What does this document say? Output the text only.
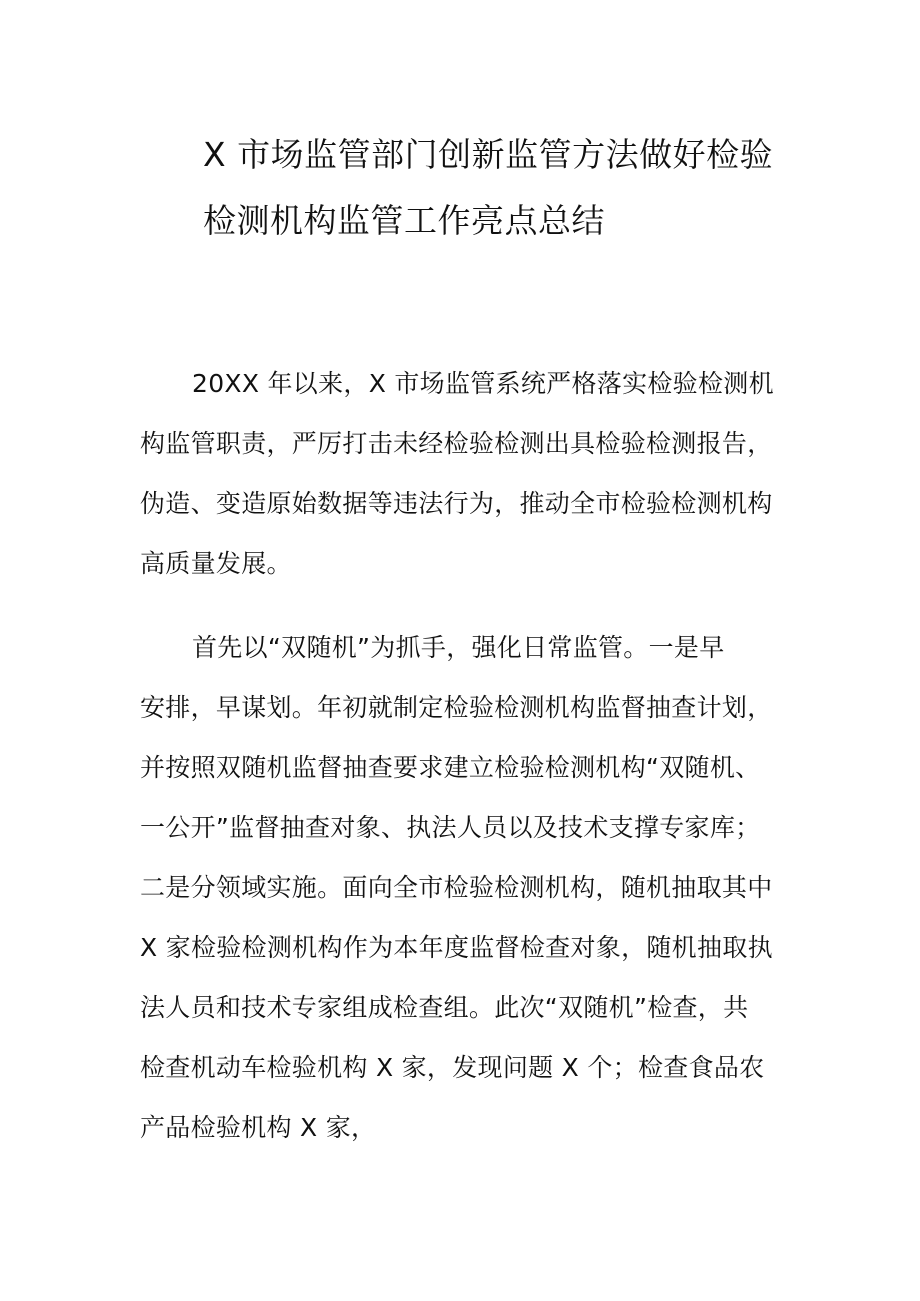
X 市场监管部门创新监管方法做好检验
检测机构监管工作亮点总结
20XX 年以来，X 市场监管系统严格落实检验检测机
构监管职责，严厉打击未经检验检测出具检验检测报告，
伪造、变造原始数据等违法行为，推动全市检验检测机构
高质量发展。
首先以“双随机”为抓手，强化日常监管。一是早
安排，早谋划。年初就制定检验检测机构监督抽查计划，
并按照双随机监督抽查要求建立检验检测机构“双随机、
一公开”监督抽查对象、执法人员以及技术支撑专家库；
二是分领域实施。面向全市检验检测机构，随机抽取其中
X 家检验检测机构作为本年度监督检查对象，随机抽取执
法人员和技术专家组成检查组。此次“双随机”检查，共
检查机动车检验机构 X 家，发现问题 X 个；检查食品农
产品检验机构 X 家，
